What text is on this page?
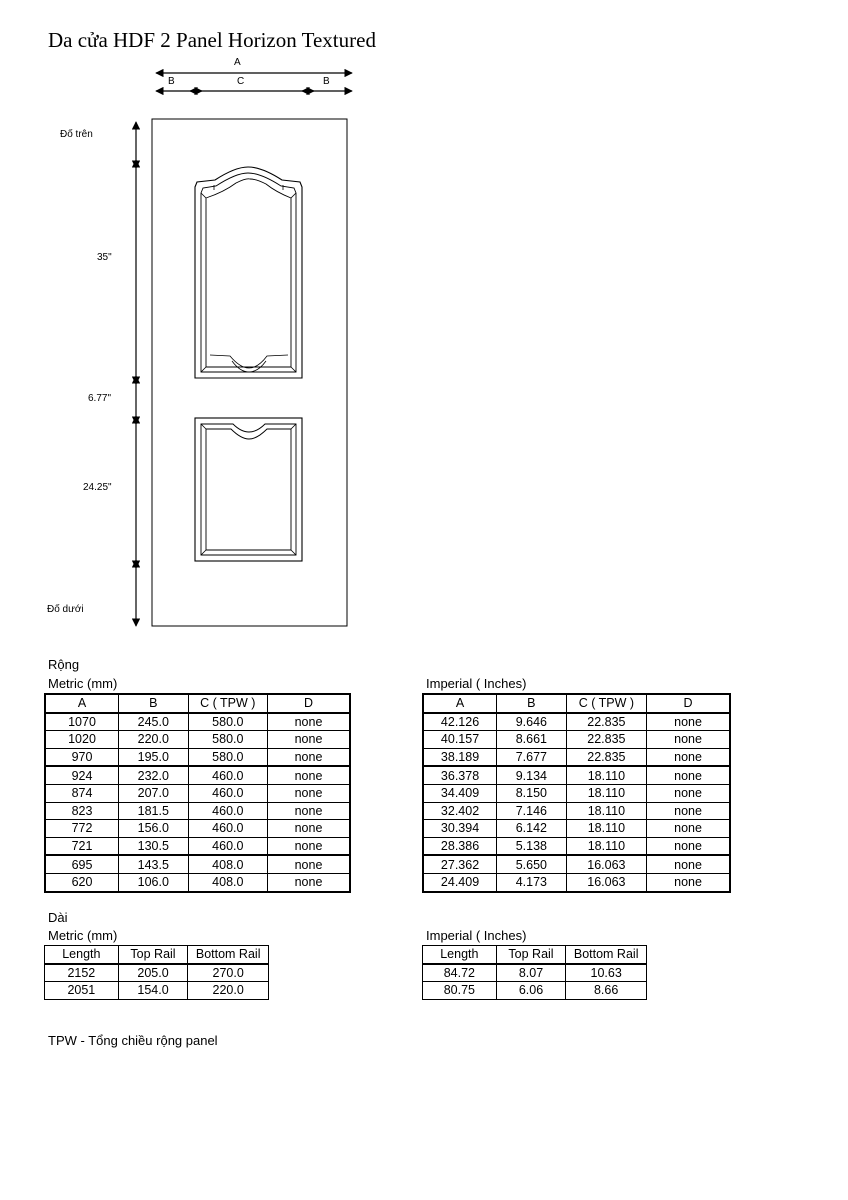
Da cửa HDF 2 Panel Horizon Textured
A
B	C	B
Đố trên
35"
6.77"
24.25"
Đố dưới
Rộng
Metric (mm)	Imperial ( Inches)
A	B	C ( TPW )	D
1070	245.0	580.0	none
1020	220.0	580.0	none
970	195.0	580.0	none
924	232.0	460.0	none
874	207.0	460.0	none
823	181.5	460.0	none
772	156.0	460.0	none
721	130.5	460.0	none
695	143.5	408.0	none
620	106.0	408.0	none
A	B	C ( TPW )	D
42.126	9.646	22.835	none
40.157	8.661	22.835	none
38.189	7.677	22.835	none
36.378	9.134	18.110	none
34.409	8.150	18.110	none
32.402	7.146	18.110	none
30.394	6.142	18.110	none
28.386	5.138	18.110	none
27.362	5.650	16.063	none
24.409	4.173	16.063	none
Dài
Metric (mm)	Imperial ( Inches)
Length	Top Rail	Bottom Rail
2152	205.0	270.0
2051	154.0	220.0
Length	Top Rail	Bottom Rail
84.72	8.07	10.63
80.75	6.06	8.66
TPW - Tổng chiều rộng panel
